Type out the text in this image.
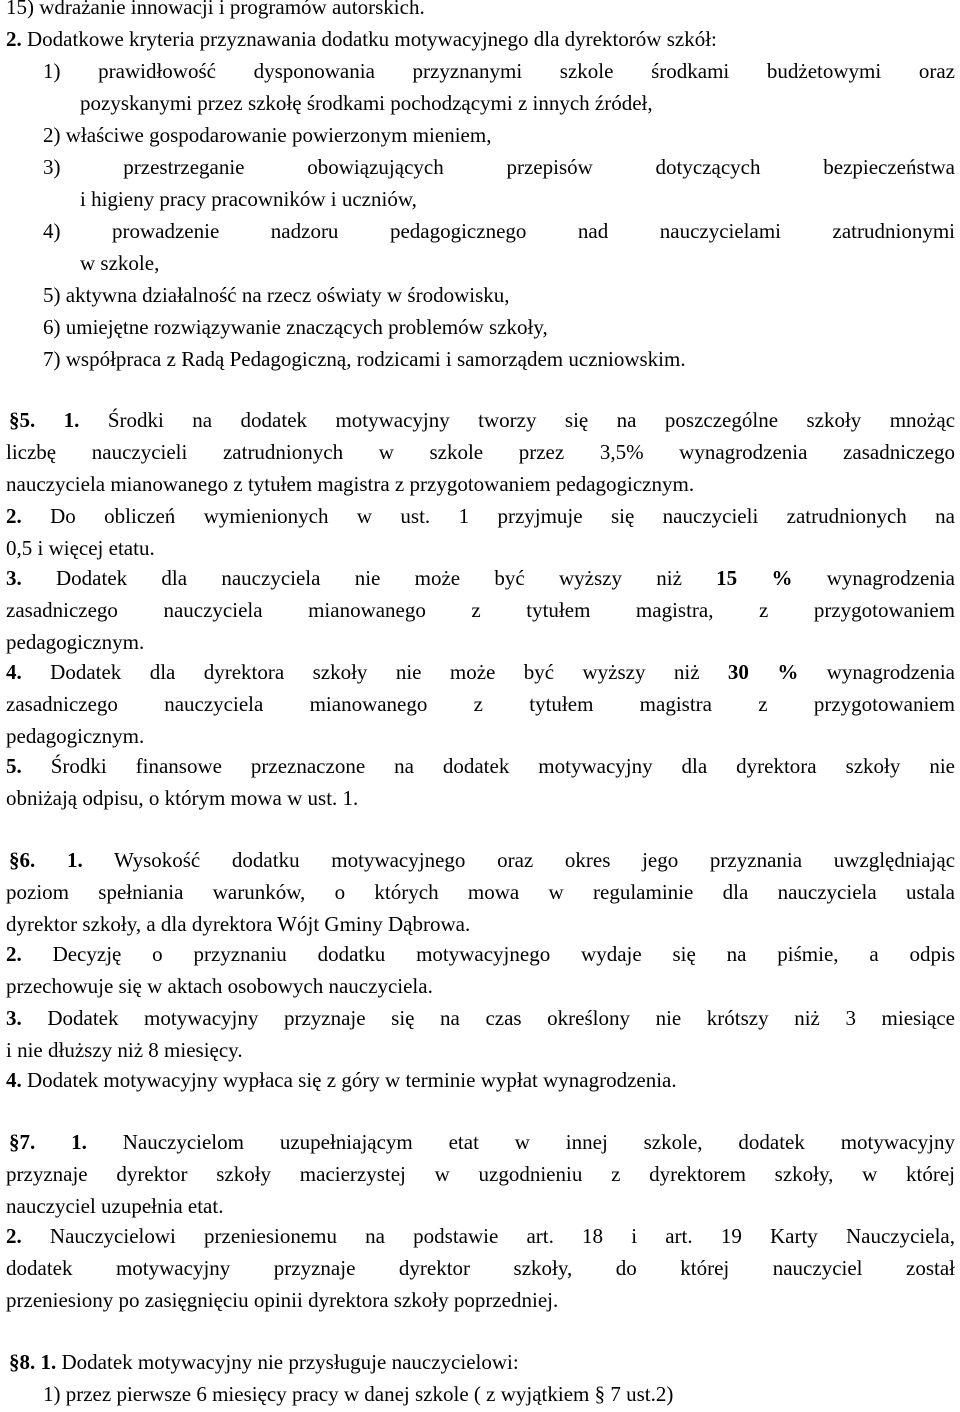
15) wdrażanie innowacji i programów autorskich.
2. Dodatkowe kryteria przyznawania dodatku motywacyjnego dla dyrektorów szkół:
1) prawidłowość dysponowania przyznanymi szkole środkami budżetowymi oraz
pozyskanymi przez szkołę środkami pochodzącymi z innych źródeł,
2) właściwe gospodarowanie powierzonym mieniem,
3) przestrzeganie obowiązujących przepisów dotyczących bezpieczeństwa
i higieny pracy pracowników i uczniów,
4) prowadzenie nadzoru pedagogicznego nad nauczycielami zatrudnionymi
w szkole,
5) aktywna działalność na rzecz oświaty w środowisku,
6) umiejętne rozwiązywanie znaczących problemów szkoły,
7) współpraca z Radą Pedagogiczną, rodzicami i samorządem uczniowskim.
§5. 1. Środki na dodatek motywacyjny tworzy się na poszczególne szkoły mnożąc
liczbę nauczycieli zatrudnionych w szkole przez 3,5% wynagrodzenia zasadniczego
nauczyciela mianowanego z tytułem magistra z przygotowaniem pedagogicznym.
2. Do obliczeń wymienionych w ust. 1 przyjmuje się nauczycieli zatrudnionych na
0,5 i więcej etatu.
3. Dodatek dla nauczyciela nie może być wyższy niż 15 % wynagrodzenia
zasadniczego nauczyciela mianowanego z tytułem magistra, z przygotowaniem
pedagogicznym.
4. Dodatek dla dyrektora szkoły nie może być wyższy niż 30 % wynagrodzenia
zasadniczego nauczyciela mianowanego z tytułem magistra z przygotowaniem
pedagogicznym.
5. Środki finansowe przeznaczone na dodatek motywacyjny dla dyrektora szkoły nie
obniżają odpisu, o którym mowa w ust. 1.
§6. 1. Wysokość dodatku motywacyjnego oraz okres jego przyznania uwzględniając
poziom spełniania warunków, o których mowa w regulaminie dla nauczyciela ustala
dyrektor szkoły, a dla dyrektora Wójt Gminy Dąbrowa.
2. Decyzję o przyznaniu dodatku motywacyjnego wydaje się na piśmie, a odpis
przechowuje się w aktach osobowych nauczyciela.
3. Dodatek motywacyjny przyznaje się na czas określony nie krótszy niż 3 miesiące
i nie dłuższy niż 8 miesięcy.
4. Dodatek motywacyjny wypłaca się z góry w terminie wypłat wynagrodzenia.
§7. 1. Nauczycielom uzupełniającym etat w innej szkole, dodatek motywacyjny
przyznaje dyrektor szkoły macierzystej w uzgodnieniu z dyrektorem szkoły, w której
nauczyciel uzupełnia etat.
2. Nauczycielowi przeniesionemu na podstawie art. 18 i art. 19 Karty Nauczyciela,
dodatek motywacyjny przyznaje dyrektor szkoły, do której nauczyciel został
przeniesiony po zasięgnięciu opinii dyrektora szkoły poprzedniej.
§8. 1. Dodatek motywacyjny nie przysługuje nauczycielowi:
1) przez pierwsze 6 miesięcy pracy w danej szkole ( z wyjątkiem § 7 ust.2)
